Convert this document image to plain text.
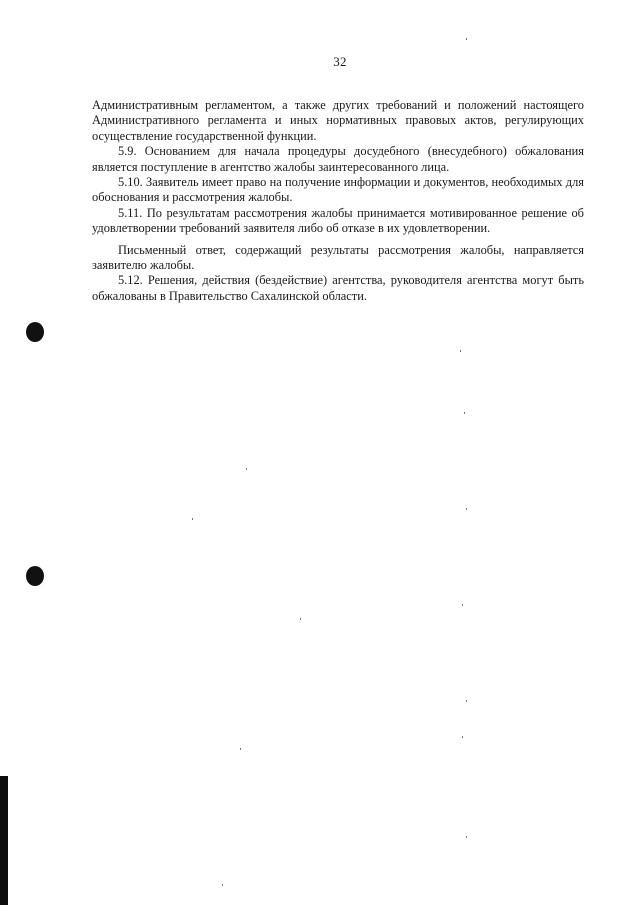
32

Административным регламентом, а также других требований и положений настоящего Административного регламента и иных нормативных правовых актов, регулирующих осуществление государственной функции.

5.9. Основанием для начала процедуры досудебного (внесудебного) обжалования является поступление в агентство жалобы заинтересованного лица.

5.10. Заявитель имеет право на получение информации и документов, необходимых для обоснования и рассмотрения жалобы.

5.11. По результатам рассмотрения жалобы принимается мотивированное решение об удовлетворении требований заявителя либо об отказе в их удовлетворении.

Письменный ответ, содержащий результаты рассмотрения жалобы, направляется заявителю жалобы.

5.12. Решения, действия (бездействие) агентства, руководителя агентства могут быть обжалованы в Правительство Сахалинской области.
